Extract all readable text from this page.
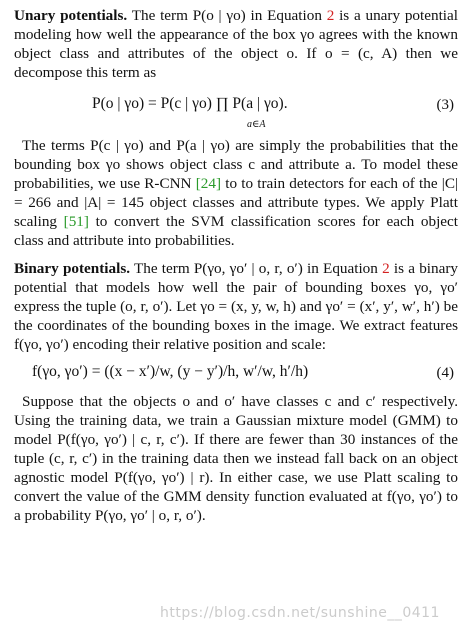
Unary potentials. The term P(o | γo) in Equation 2 is a unary potential modeling how well the appearance of the box γo agrees with the known object class and attributes of the object o. If o = (c, A) then we decompose this term as

P(o | γo) = P(c | γo) ∏ P(a | γo).
a∈A
(3)

The terms P(c | γo) and P(a | γo) are simply the probabilities that the bounding box γo shows object class c and attribute a. To model these probabilities, we use R-CNN [24] to to train detectors for each of the |C| = 266 and |A| = 145 object classes and attribute types. We apply Platt scaling [51] to convert the SVM classification scores for each object class and attribute into probabilities.

Binary potentials. The term P(γo, γo′ | o, r, o′) in Equation 2 is a binary potential that models how well the pair of bounding boxes γo, γo′ express the tuple (o, r, o′). Let γo = (x, y, w, h) and γo′ = (x′, y′, w′, h′) be the coordinates of the bounding boxes in the image. We extract features f(γo, γo′) encoding their relative position and scale:

f(γo, γo′) = ((x − x′)/w, (y − y′)/h, w′/w, h′/h)	(4)

Suppose that the objects o and o′ have classes c and c′ respectively. Using the training data, we train a Gaussian mixture model (GMM) to model P(f(γo, γo′) | c, r, c′). If there are fewer than 30 instances of the tuple (c, r, c′) in the training data then we instead fall back on an object agnostic model P(f(γo, γo′) | r). In either case, we use Platt scaling to convert the value of the GMM density function evaluated at f(γo, γo′) to a probability P(γo, γo′ | o, r, o′).

https://blog.csdn.net/sunshine__0411
